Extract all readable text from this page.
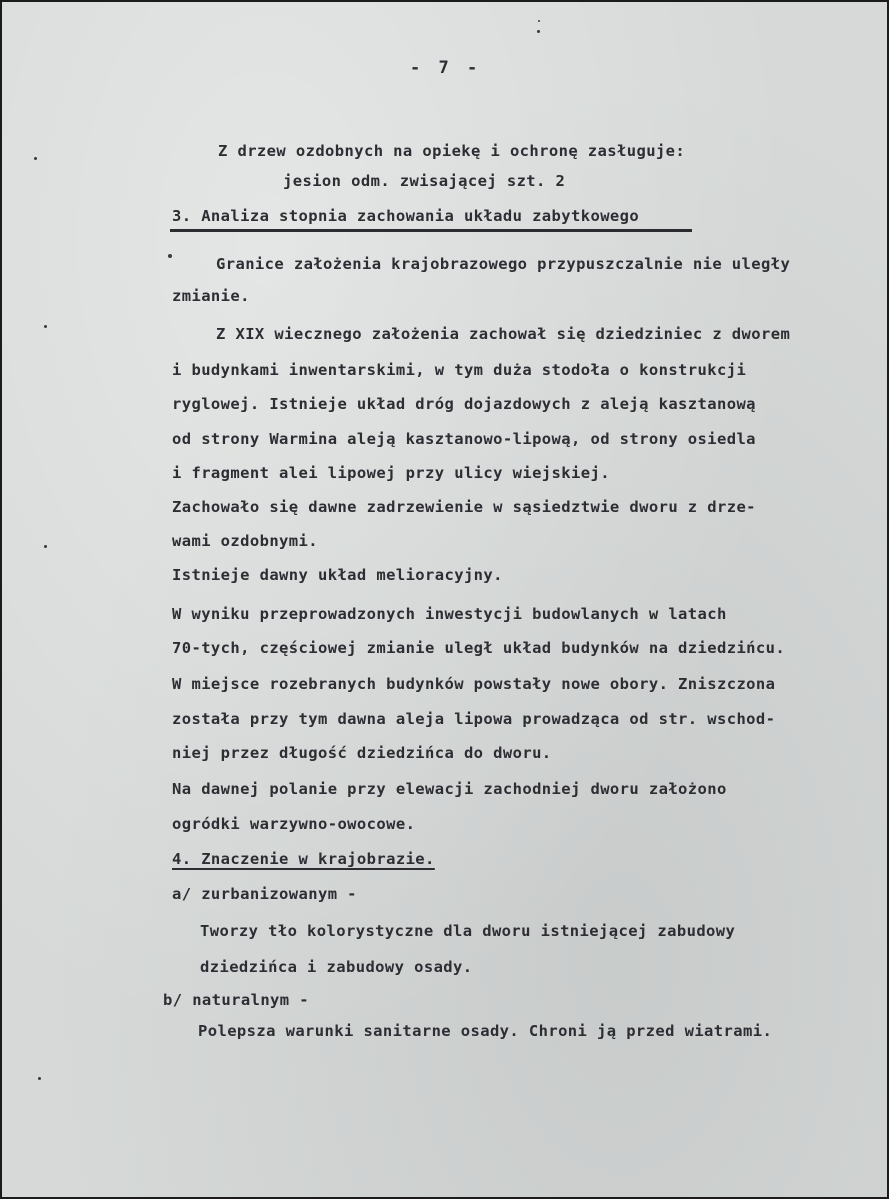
- 7 -
Z drzew ozdobnych na opiekę i ochronę zasługuje:
jesion odm. zwisającej szt. 2
3. Analiza stopnia zachowania układu zabytkowego
Granice założenia krajobrazowego przypuszczalnie nie uległy
zmianie.
Z XIX wiecznego założenia zachował się dziedziniec z dworem
i budynkami inwentarskimi, w tym duża stodoła o konstrukcji
ryglowej. Istnieje układ dróg dojazdowych z aleją kasztanową
od strony Warmina aleją kasztanowo-lipową, od strony osiedla
i fragment alei lipowej przy ulicy wiejskiej.
Zachowało się dawne zadrzewienie w sąsiedztwie dworu z drze-
wami ozdobnymi.
Istnieje dawny układ melioracyjny.
W wyniku przeprowadzonych inwestycji budowlanych w latach
70-tych, częściowej zmianie uległ układ budynków na dziedzińcu.
W miejsce rozebranych budynków powstały nowe obory. Zniszczona
została przy tym dawna aleja lipowa prowadząca od str. wschod-
niej przez długość dziedzińca do dworu.
Na dawnej polanie przy elewacji zachodniej dworu założono
ogródki warzywno-owocowe.
4. Znaczenie w krajobrazie.
a/ zurbanizowanym -
Tworzy tło kolorystyczne dla dworu istniejącej zabudowy
dziedzińca i zabudowy osady.
b/ naturalnym -
Polepsza warunki sanitarne osady. Chroni ją przed wiatrami.
